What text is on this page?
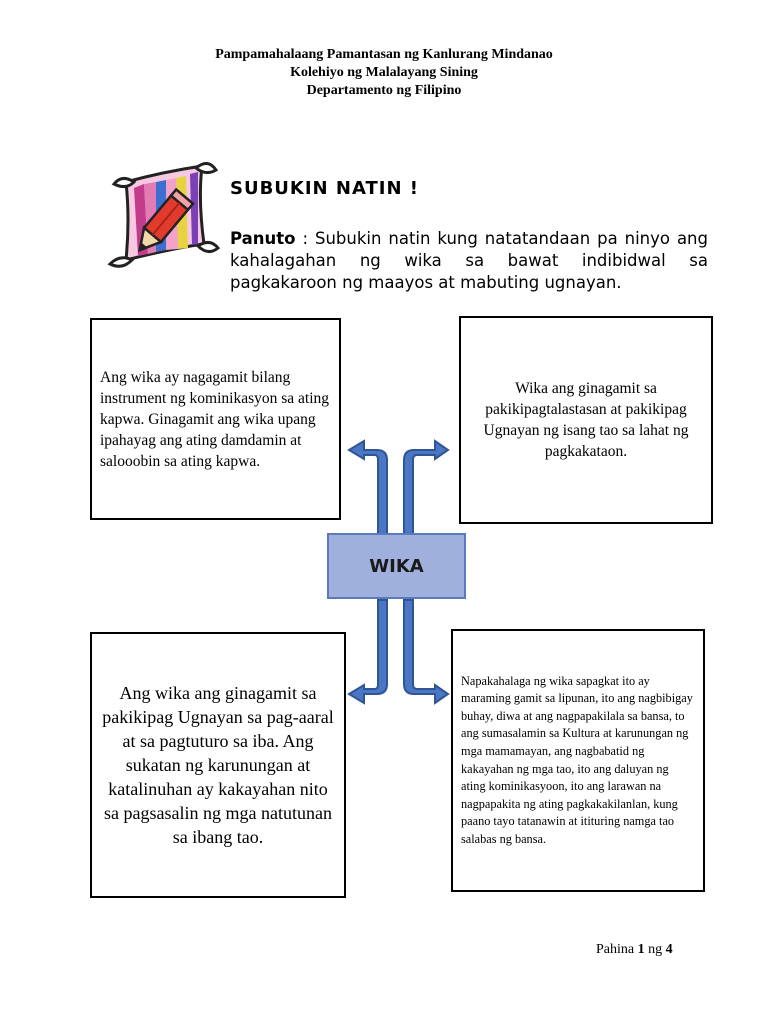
Pampamahalaang Pamantasan ng Kanlurang Mindanao
Kolehiyo ng Malalayang Sining
Departamento ng Filipino
SUBUKIN NATIN !
Panuto : Subukin natin kung natatandaan pa ninyo ang kahalagahan ng wika sa bawat indibidwal sa pagkakaroon ng maayos at mabuting ugnayan.
Ang wika ay nagagamit bilang instrument ng kominikasyon sa ating kapwa. Ginagamit ang wika upang ipahayag ang ating damdamin at salooobin sa ating kapwa.
Wika ang ginagamit sa pakikipagtalastasan at pakikipag Ugnayan ng isang tao sa lahat ng pagkakataon.
WIKA
Ang wika ang ginagamit sa pakikipag Ugnayan sa pag-aaral at sa pagtuturo sa iba. Ang sukatan ng karunungan at katalinuhan ay kakayahan nito sa pagsasalin ng mga natutunan sa ibang tao.
Napakahalaga ng wika sapagkat ito ay maraming gamit sa lipunan, ito ang nagbibigay buhay, diwa at ang nagpapakilala sa bansa, to ang sumasalamin sa Kultura at karunungan ng mga mamamayan, ang nagbabatid ng kakayahan ng mga tao, ito ang daluyan ng ating kominikasyoon, ito ang larawan na nagpapakita ng ating pagkakakilanlan, kung paano tayo tatanawin at itituring namga tao salabas ng bansa.
Pahina 1 ng 4
